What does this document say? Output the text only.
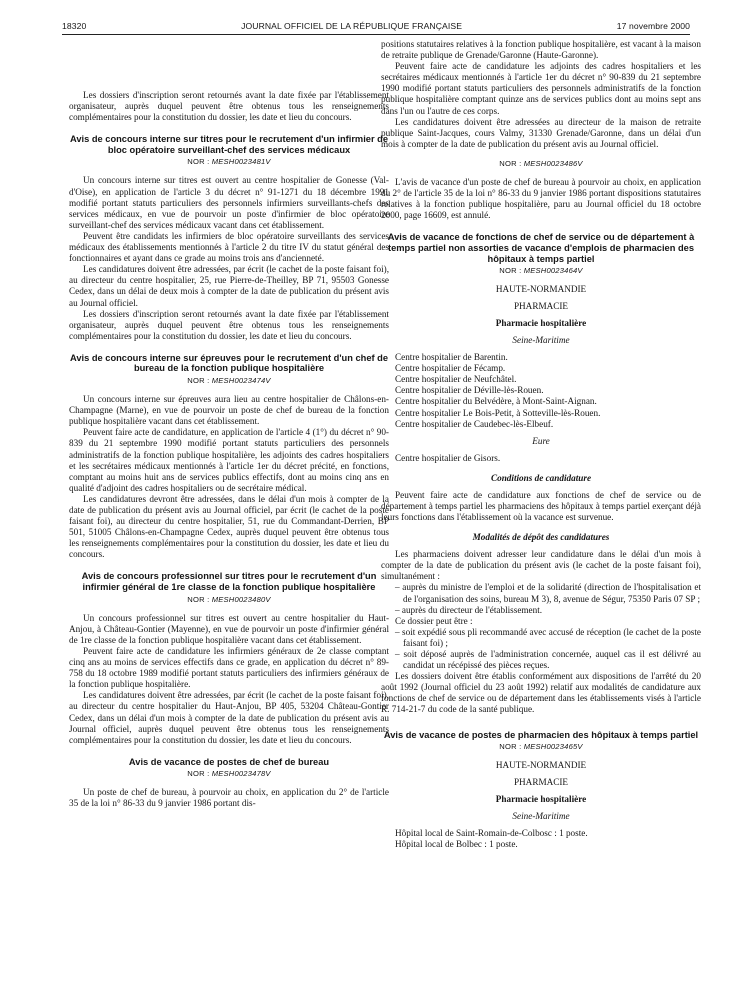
18320	JOURNAL OFFICIEL DE LA RÉPUBLIQUE FRANÇAISE	17 novembre 2000

Les dossiers d'inscription seront retournés avant la date fixée par l'établissement organisateur, auprès duquel peuvent être obtenus tous les renseignements complémentaires pour la constitution du dossier, les date et lieu du concours.

Avis de concours interne sur titres pour le recrutement d'un infirmier de bloc opératoire surveillant-chef des services médicaux
NOR : MESH0023481V

Un concours interne sur titres est ouvert au centre hospitalier de Gonesse (Val-d'Oise), en application de l'article 3 du décret n° 91-1271 du 18 décembre 1991 modifié portant statuts particuliers des personnels infirmiers surveillants-chefs des services médicaux, en vue de pourvoir un poste d'infirmier de bloc opératoire surveillant-chef des services médicaux vacant dans cet établissement.

Peuvent être candidats les infirmiers de bloc opératoire surveillants des services médicaux des établissements mentionnés à l'article 2 du titre IV du statut général des fonctionnaires et ayant dans ce grade au moins trois ans d'ancienneté.

Les candidatures doivent être adressées, par écrit (le cachet de la poste faisant foi), au directeur du centre hospitalier, 25, rue Pierre-de-Theilley, BP 71, 95503 Gonesse Cedex, dans un délai de deux mois à compter de la date de publication du présent avis au Journal officiel.

Les dossiers d'inscription seront retournés avant la date fixée par l'établissement organisateur, auprès duquel peuvent être obtenus tous les renseignements complémentaires pour la constitution du dossier, les date et lieu du concours.

Avis de concours interne sur épreuves pour le recrutement d'un chef de bureau de la fonction publique hospitalière
NOR : MESH0023474V

Un concours interne sur épreuves aura lieu au centre hospitalier de Châlons-en-Champagne (Marne), en vue de pourvoir un poste de chef de bureau de la fonction publique hospitalière vacant dans cet établissement.

Peuvent faire acte de candidature, en application de l'article 4 (1°) du décret n° 90-839 du 21 septembre 1990 modifié portant statuts particuliers des personnels administratifs de la fonction publique hospitalière, les adjoints des cadres hospitaliers et les secrétaires médicaux mentionnés à l'article 1er du décret précité, en fonctions, comptant au moins huit ans de services publics effectifs, dont au moins cinq ans en qualité d'adjoint des cadres hospitaliers ou de secrétaire médical.

Les candidatures devront être adressées, dans le délai d'un mois à compter de la date de publication du présent avis au Journal officiel, par écrit (le cachet de la poste faisant foi), au directeur du centre hospitalier, 51, rue du Commandant-Derrien, BP 501, 51005 Châlons-en-Champagne Cedex, auprès duquel peuvent être obtenus tous les renseignements complémentaires pour la constitution du dossier, les date et lieu du concours.

Avis de concours professionnel sur titres pour le recrutement d'un infirmier général de 1re classe de la fonction publique hospitalière
NOR : MESH0023480V

Un concours professionnel sur titres est ouvert au centre hospitalier du Haut-Anjou, à Château-Gontier (Mayenne), en vue de pourvoir un poste d'infirmier général de 1re classe de la fonction publique hospitalière vacant dans cet établissement.

Peuvent faire acte de candidature les infirmiers généraux de 2e classe comptant cinq ans au moins de services effectifs dans ce grade, en application du décret n° 89-758 du 18 octobre 1989 modifié portant statuts particuliers des infirmiers généraux de la fonction publique hospitalière.

Les candidatures doivent être adressées, par écrit (le cachet de la poste faisant foi), au directeur du centre hospitalier du Haut-Anjou, BP 405, 53204 Château-Gontier Cedex, dans un délai d'un mois à compter de la date de publication du présent avis au Journal officiel, auprès duquel peuvent être obtenus tous les renseignements complémentaires pour la constitution du dossier, les date et lieu du concours.

Avis de vacance de postes de chef de bureau
NOR : MESH0023478V

Un poste de chef de bureau, à pourvoir au choix, en application du 2° de l'article 35 de la loi n° 86-33 du 9 janvier 1986 portant dis-

positions statutaires relatives à la fonction publique hospitalière, est vacant à la maison de retraite publique de Grenade/Garonne (Haute-Garonne).

Peuvent faire acte de candidature les adjoints des cadres hospitaliers et les secrétaires médicaux mentionnés à l'article 1er du décret n° 90-839 du 21 septembre 1990 modifié portant statuts particuliers des personnels administratifs de la fonction publique hospitalière comptant quinze ans de services publics dont au moins sept ans dans l'un ou l'autre de ces corps.

Les candidatures doivent être adressées au directeur de la maison de retraite publique Saint-Jacques, cours Valmy, 31330 Grenade/Garonne, dans un délai d'un mois à compter de la date de publication du présent avis au Journal officiel.

NOR : MESH0023486V

L'avis de vacance d'un poste de chef de bureau à pourvoir au choix, en application du 2° de l'article 35 de la loi n° 86-33 du 9 janvier 1986 portant dispositions statutaires relatives à la fonction publique hospitalière, paru au Journal officiel du 18 octobre 2000, page 16609, est annulé.

Avis de vacance de fonctions de chef de service ou de département à temps partiel non assorties de vacance d'emplois de pharmacien des hôpitaux à temps partiel
NOR : MESH0023464V
HAUTE-NORMANDIE
PHARMACIE
Pharmacie hospitalière
Seine-Maritime

Centre hospitalier de Barentin.

Centre hospitalier de Fécamp.

Centre hospitalier de Neufchâtel.

Centre hospitalier de Déville-lès-Rouen.

Centre hospitalier du Belvédère, à Mont-Saint-Aignan.

Centre hospitalier Le Bois-Petit, à Sotteville-lès-Rouen.

Centre hospitalier de Caudebec-lès-Elbeuf.

Eure

Centre hospitalier de Gisors.

Conditions de candidature

Peuvent faire acte de candidature aux fonctions de chef de service ou de département à temps partiel les pharmaciens des hôpitaux à temps partiel exerçant déjà leurs fonctions dans l'établissement où la vacance est survenue.

Modalités de dépôt des candidatures

Les pharmaciens doivent adresser leur candidature dans le délai d'un mois à compter de la date de publication du présent avis (le cachet de la poste faisant foi), simultanément :

– auprès du ministre de l'emploi et de la solidarité (direction de l'hospitalisation et de l'organisation des soins, bureau M 3), 8, avenue de Ségur, 75350 Paris 07 SP ;

– auprès du directeur de l'établissement.

Ce dossier peut être :

– soit expédié sous pli recommandé avec accusé de réception (le cachet de la poste faisant foi) ;

– soit déposé auprès de l'administration concernée, auquel cas il est délivré au candidat un récépissé des pièces reçues.

Les dossiers doivent être établis conformément aux dispositions de l'arrêté du 20 août 1992 (Journal officiel du 23 août 1992) relatif aux modalités de candidature aux fonctions de chef de service ou de département dans les établissements visés à l'article R. 714-21-7 du code de la santé publique.

Avis de vacance de postes de pharmacien des hôpitaux à temps partiel
NOR : MESH0023465V
HAUTE-NORMANDIE
PHARMACIE
Pharmacie hospitalière
Seine-Maritime

Hôpital local de Saint-Romain-de-Colbosc : 1 poste.

Hôpital local de Bolbec : 1 poste.
